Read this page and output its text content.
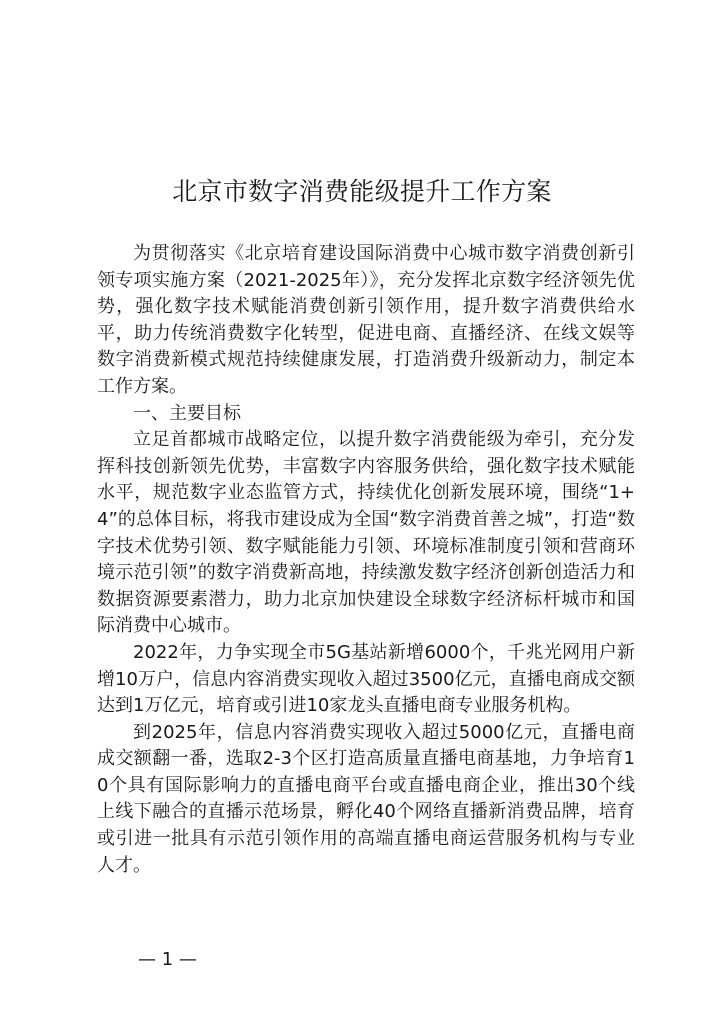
北京市数字消费能级提升工作方案

为贯彻落实《北京培育建设国际消费中心城市数字消费创新引领专项实施方案（2021-2025年）》，充分发挥北京数字经济领先优势，强化数字技术赋能消费创新引领作用，提升数字消费供给水平，助力传统消费数字化转型，促进电商、直播经济、在线文娱等数字消费新模式规范持续健康发展，打造消费升级新动力，制定本工作方案。

一、主要目标

立足首都城市战略定位，以提升数字消费能级为牵引，充分发挥科技创新领先优势，丰富数字内容服务供给，强化数字技术赋能水平，规范数字业态监管方式，持续优化创新发展环境，围绕“1+4”的总体目标，将我市建设成为全国“数字消费首善之城”，打造“数字技术优势引领、数字赋能能力引领、环境标准制度引领和营商环境示范引领”的数字消费新高地，持续激发数字经济创新创造活力和数据资源要素潜力，助力北京加快建设全球数字经济标杆城市和国际消费中心城市。

2022年，力争实现全市5G基站新增6000个，千兆光网用户新增10万户，信息内容消费实现收入超过3500亿元，直播电商成交额达到1万亿元，培育或引进10家龙头直播电商专业服务机构。

到2025年，信息内容消费实现收入超过5000亿元，直播电商成交额翻一番，选取2-3个区打造高质量直播电商基地，力争培育10个具有国际影响力的直播电商平台或直播电商企业，推出30个线上线下融合的直播示范场景，孵化40个网络直播新消费品牌，培育或引进一批具有示范引领作用的高端直播电商运营服务机构与专业人才。

— 1 —
